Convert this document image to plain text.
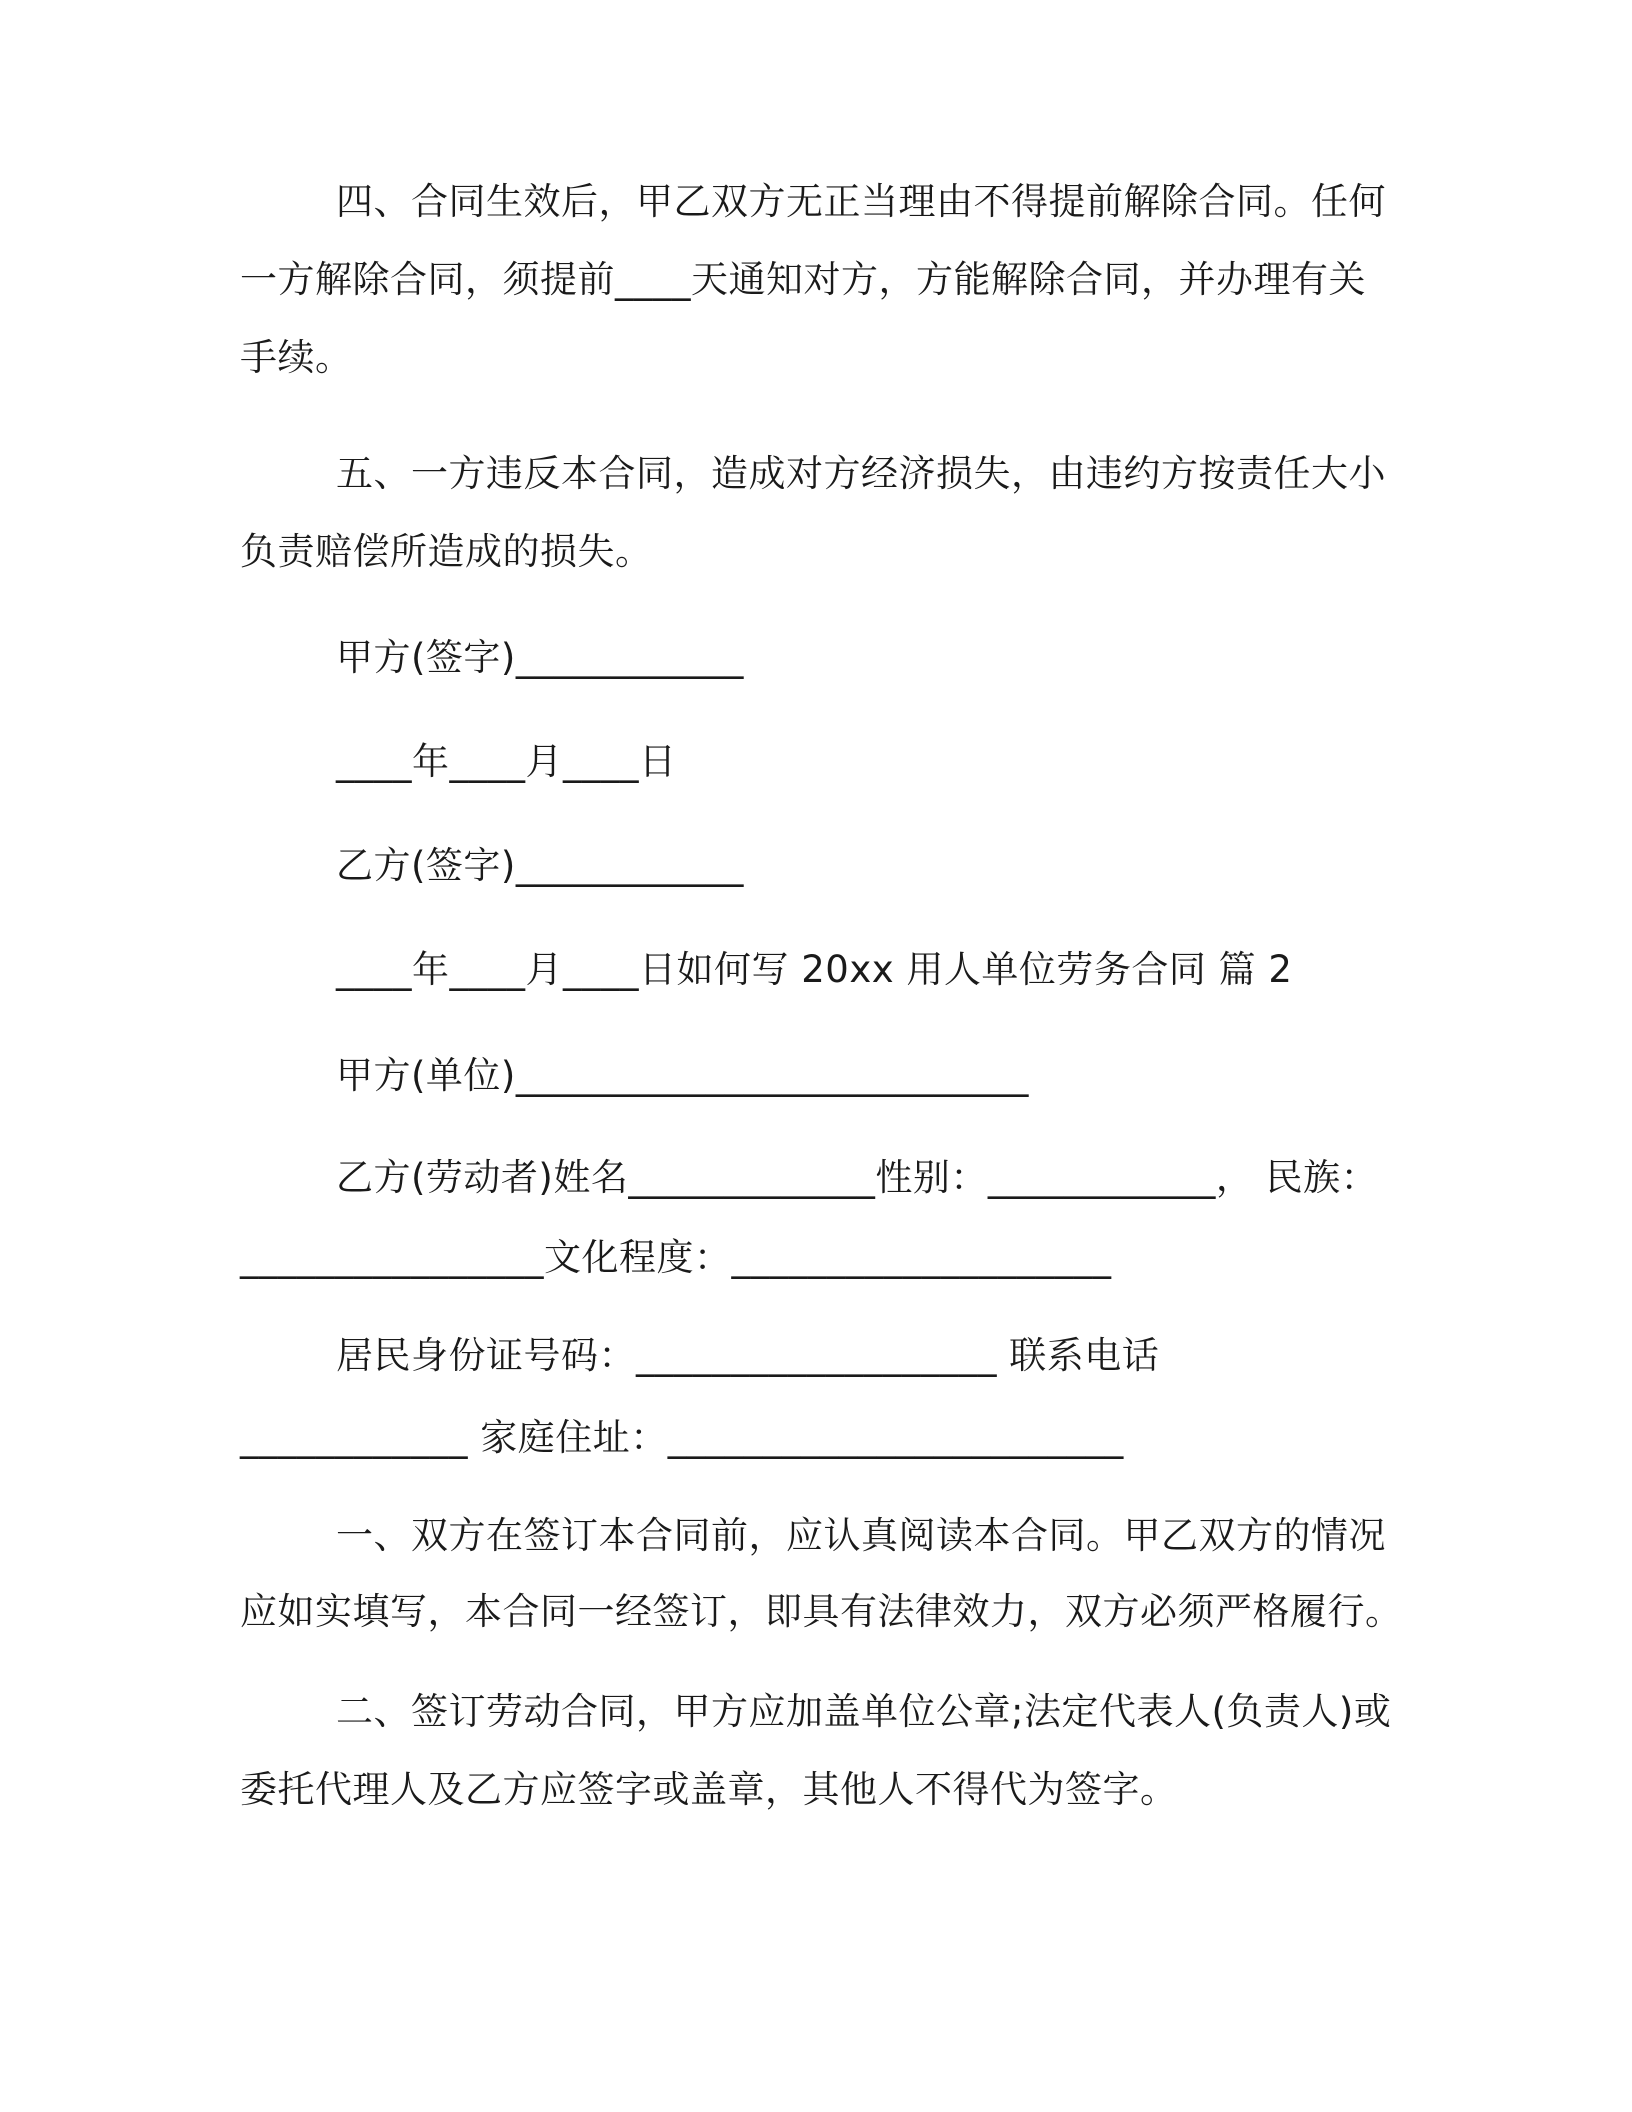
四、合同生效后，甲乙双方无正当理由不得提前解除合同。任何
一方解除合同，须提前____天通知对方，方能解除合同，并办理有关
手续。
五、一方违反本合同，造成对方经济损失，由违约方按责任大小
负责赔偿所造成的损失。
甲方(签字)____________
____年____月____日
乙方(签字)____________
____年____月____日如何写 20xx 用人单位劳务合同 篇 2
甲方(单位)___________________________
乙方(劳动者)姓名_____________性别：____________， 民族：
________________文化程度：____________________
居民身份证号码：___________________ 联系电话
____________ 家庭住址：________________________
一、双方在签订本合同前，应认真阅读本合同。甲乙双方的情况
应如实填写，本合同一经签订，即具有法律效力，双方必须严格履行。
二、签订劳动合同，甲方应加盖单位公章;法定代表人(负责人)或
委托代理人及乙方应签字或盖章，其他人不得代为签字。
